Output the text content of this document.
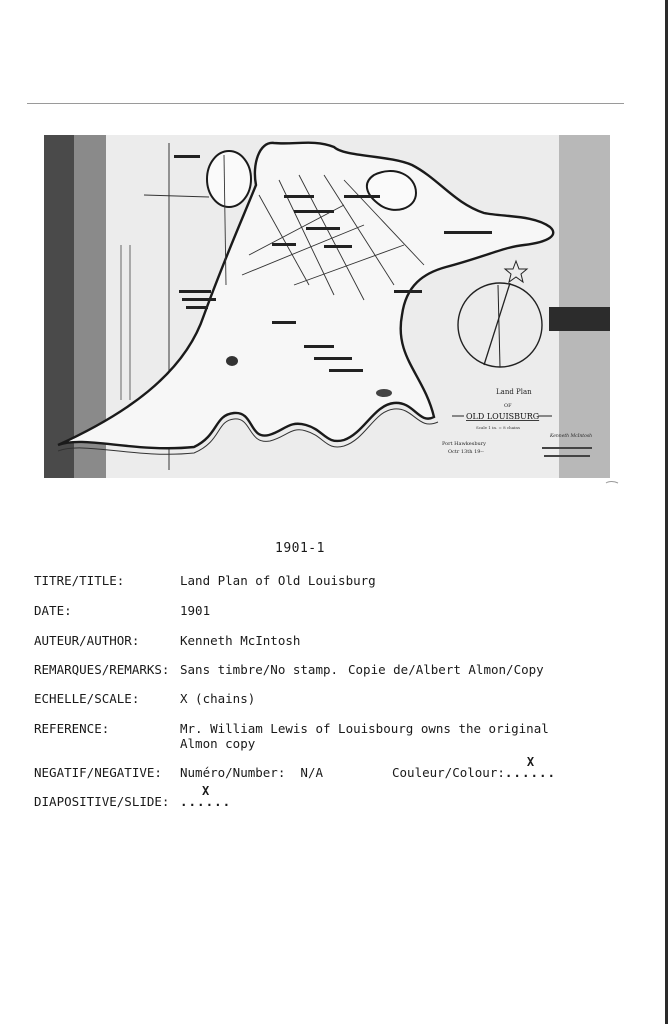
Land Plan
OF
OLD LOUISBURG
Scale 1 in. = 8 chains
Port Hawkesbury
Octr 13th 19--
Kenneth McIntosh
1901-1
TITRE/TITLE:	Land Plan of Old Louisburg
DATE:	1901
AUTEUR/AUTHOR:	Kenneth McIntosh
REMARQUES/REMARKS: Sans timbre/No stamp. Copie de/Albert Almon/Copy
ECHELLE/SCALE:	X (chains)
REFERENCE:	Mr. William Lewis of Louisbourg owns the original
Almon copy
NEGATIF/NEGATIVE: Numéro/Number: N/A	Couleur/Colour:
X
......
DIAPOSITIVE/SLIDE:
X
......
